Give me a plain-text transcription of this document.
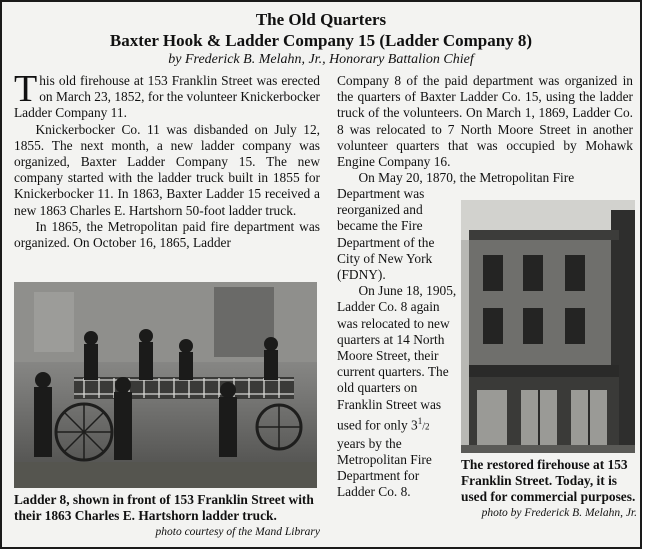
The Old Quarters
Baxter Hook & Ladder Company 15 (Ladder Company 8)
by Frederick B. Melahn, Jr., Honorary Battalion Chief

This old firehouse at 153 Franklin Street was erected on March 23, 1852, for the volunteer Knickerbocker Ladder Company 11.

Knickerbocker Co. 11 was disbanded on July 12, 1855. The next month, a new ladder company was organized, Baxter Ladder Company 15. The new company started with the ladder truck built in 1855 for Knickerbocker 11. In 1863, Baxter Ladder 15 received a new 1863 Charles E. Hartshorn 50-foot ladder truck.

In 1865, the Metropolitan paid fire department was organized. On October 16, 1865, Ladder

Company 8 of the paid department was organized in the quarters of Baxter Ladder Co. 15, using the ladder truck of the volunteers. On March 1, 1869, Ladder Co. 8 was relocated to 7 North Moore Street in another volunteer quarters that was occupied by Mohawk Engine Company 16.

On May 20, 1870, the Metropolitan Fire

Department was reorganized and became the Fire Department of the City of New York (FDNY).

On June 18, 1905, Ladder Co. 8 again was relocated to new quarters at 14 North Moore Street, their current quarters. The old quarters on Franklin Street was used for only $3^1/2$ years by the Metropolitan Fire Department for Ladder Co. 8.

Ladder 8, shown in front of 153 Franklin Street with their 1863 Charles E. Hartshorn ladder truck.
photo courtesy of the Mand Library
The restored firehouse at 153 Franklin Street. Today, it is used for commercial purposes.
photo by Frederick B. Melahn, Jr.
